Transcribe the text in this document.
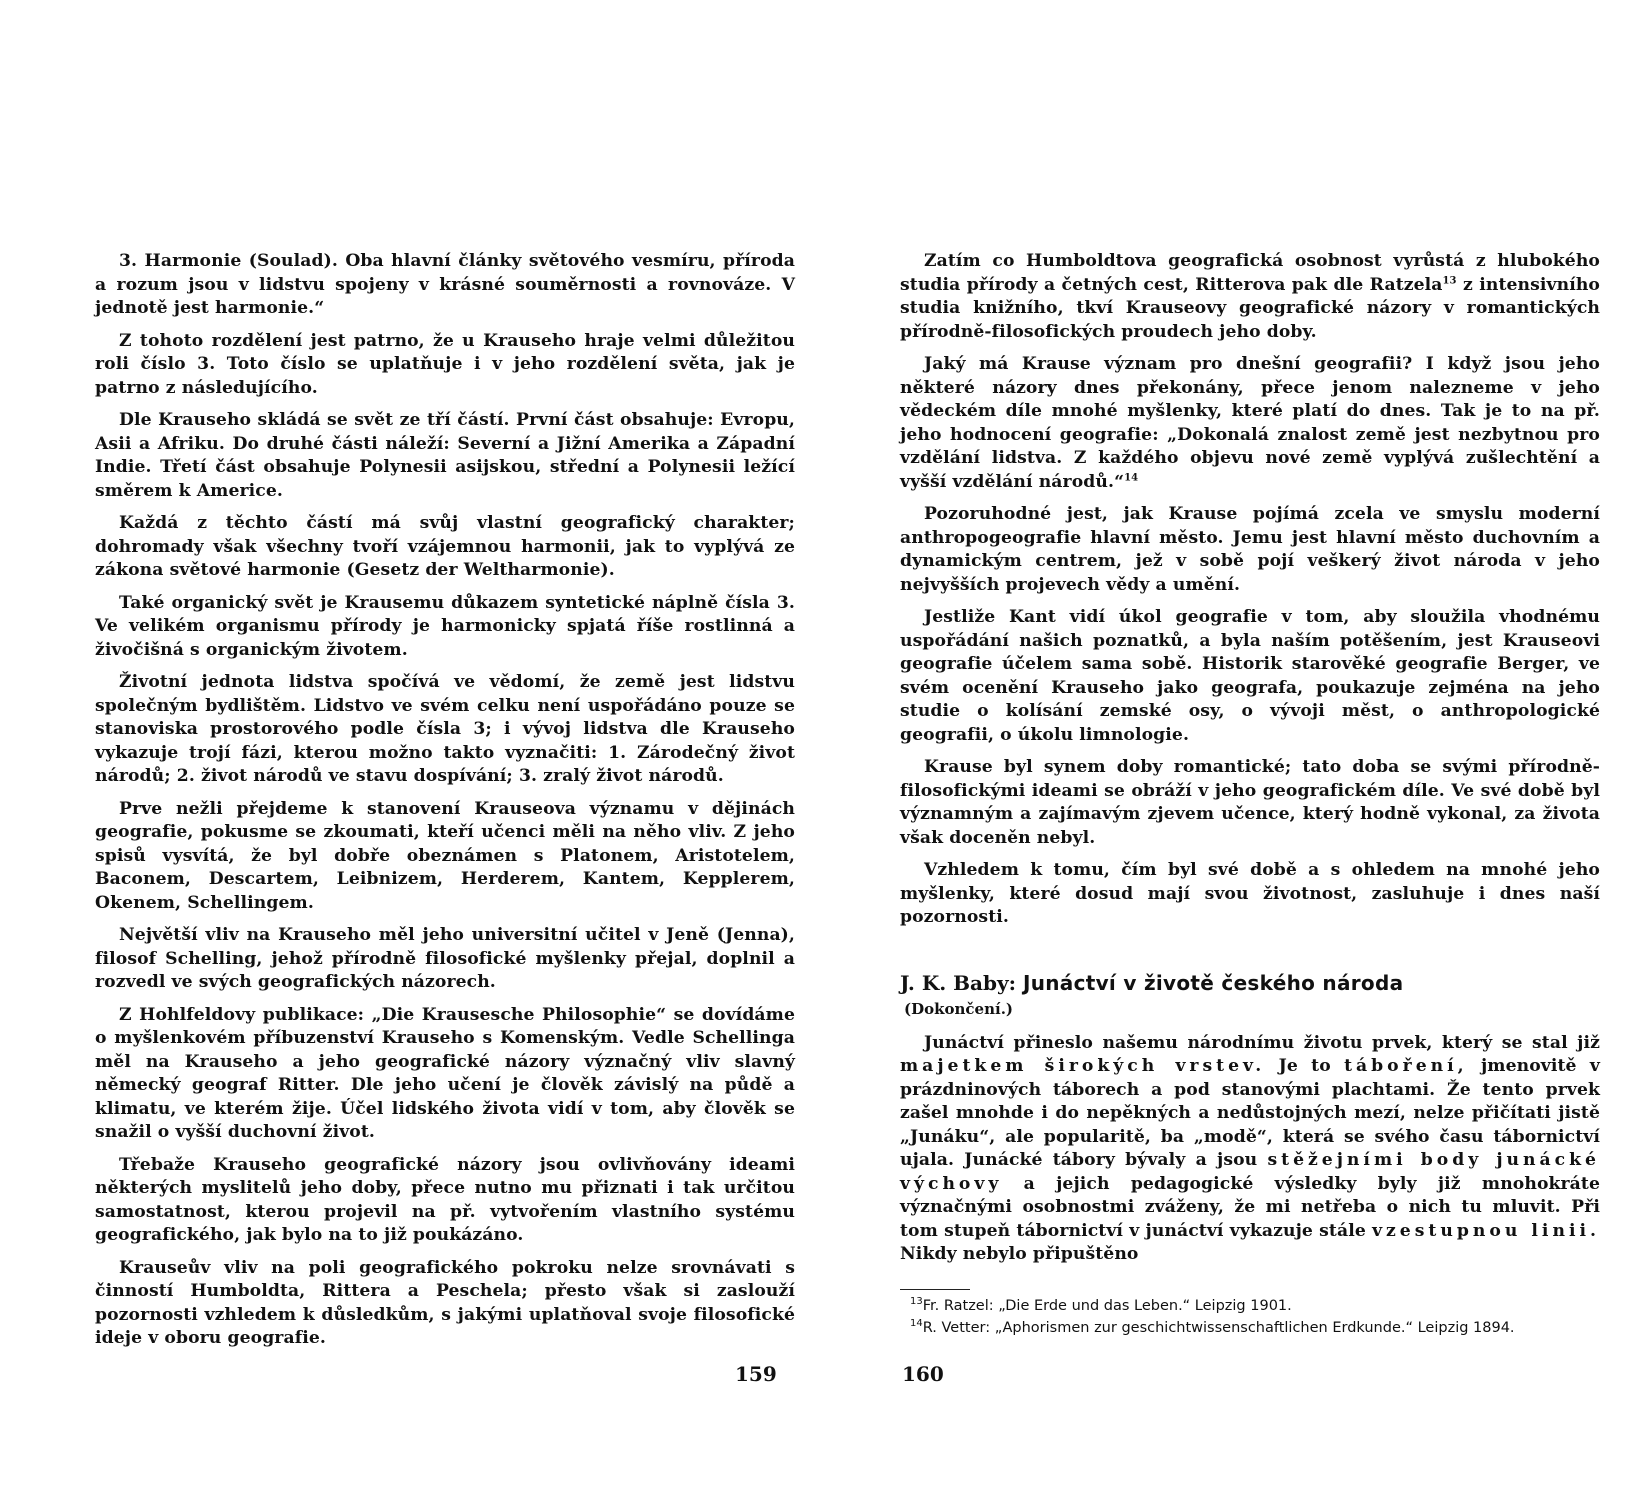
3. Harmonie (Soulad). Oba hlavní články světového vesmíru, příroda a rozum jsou v lidstvu spojeny v krásné souměrnosti a rovnováze. V jednotě jest harmonie.“

Z tohoto rozdělení jest patrno, že u Krauseho hraje velmi důležitou roli číslo 3. Toto číslo se uplatňuje i v jeho rozdělení světa, jak je patrno z následujícího.

Dle Krauseho skládá se svět ze tří částí. První část obsahuje: Evropu, Asii a Afriku. Do druhé části náleží: Severní a Jižní Amerika a Západní Indie. Třetí část obsahuje Polynesii asijskou, střední a Polynesii ležící směrem k Americe.

Každá z těchto částí má svůj vlastní geografický charakter; dohromady však všechny tvoří vzájemnou harmonii, jak to vyplývá ze zákona světové harmonie (Gesetz der Weltharmonie).

Také organický svět je Krausemu důkazem syntetické náplně čísla 3. Ve velikém organismu přírody je harmonicky spjatá říše rostlinná a živočišná s organickým životem.

Životní jednota lidstva spočívá ve vědomí, že země jest lidstvu společným bydlištěm. Lidstvo ve svém celku není uspořádáno pouze se stanoviska prostorového podle čísla 3; i vývoj lidstva dle Krauseho vykazuje trojí fázi, kterou možno takto vyznačiti: 1. Zárodečný život národů; 2. život národů ve stavu dospívání; 3. zralý život národů.

Prve nežli přejdeme k stanovení Krauseova významu v dějinách geografie, pokusme se zkoumati, kteří učenci měli na něho vliv. Z jeho spisů vysvítá, že byl dobře obeznámen s Platonem, Aristotelem, Baconem, Descartem, Leibnizem, Herderem, Kantem, Kepplerem, Okenem, Schellingem.

Největší vliv na Krauseho měl jeho universitní učitel v Jeně (Jenna), filosof Schelling, jehož přírodně filosofické myšlenky přejal, doplnil a rozvedl ve svých geografických názorech.

Z Hohlfeldovy publikace: „Die Krausesche Philosophie“ se dovídáme o myšlenkovém příbuzenství Krauseho s Komenským. Vedle Schellinga měl na Krauseho a jeho geografické názory význačný vliv slavný německý geograf Ritter. Dle jeho učení je člověk závislý na půdě a klimatu, ve kterém žije. Účel lidského života vidí v tom, aby člověk se snažil o vyšší duchovní život.

Třebaže Krauseho geografické názory jsou ovlivňovány ideami některých myslitelů jeho doby, přece nutno mu přiznati i tak určitou samostatnost, kterou projevil na př. vytvořením vlastního systému geografického, jak bylo na to již poukázáno.

Krauseův vliv na poli geografického pokroku nelze srovnávati s činností Humboldta, Rittera a Peschela; přesto však si zaslouží pozornosti vzhledem k důsledkům, s jakými uplatňoval svoje filosofické ideje v oboru geografie.

159

Zatím co Humboldtova geografická osobnost vyrůstá z hlubokého studia přírody a četných cest, Ritterova pak dle Ratzela$^{13}$ z intensivního studia knižního, tkví Krauseovy geografické názory v romantických přírodně-filosofických proudech jeho doby.

Jaký má Krause význam pro dnešní geografii? I když jsou jeho některé názory dnes překonány, přece jenom nalezneme v jeho vědeckém díle mnohé myšlenky, které platí do dnes. Tak je to na př. jeho hodnocení geografie: „Dokonalá znalost země jest nezbytnou pro vzdělání lidstva. Z každého objevu nové země vyplývá zušlechtění a vyšší vzdělání národů.“$^{14}$

Pozoruhodné jest, jak Krause pojímá zcela ve smyslu moderní anthropogeografie hlavní město. Jemu jest hlavní město duchovním a dynamickým centrem, jež v sobě pojí veškerý život národa v jeho nejvyšších projevech vědy a umění.

Jestliže Kant vidí úkol geografie v tom, aby sloužila vhodnému uspořádání našich poznatků, a byla naším potěšením, jest Krauseovi geografie účelem sama sobě. Historik starověké geografie Berger, ve svém ocenění Krauseho jako geografa, poukazuje zejména na jeho studie o kolísání zemské osy, o vývoji měst, o anthropologické geografii, o úkolu limnologie.

Krause byl synem doby romantické; tato doba se svými přírodně-filosofickými ideami se obráží v jeho geografickém díle. Ve své době byl významným a zajímavým zjevem učence, který hodně vykonal, za života však doceněn nebyl.

Vzhledem k tomu, čím byl své době a s ohledem na mnohé jeho myšlenky, které dosud mají svou životnost, zasluhuje i dnes naší pozornosti.

J. K. Baby: Junáctví v životě českého národa
(Dokončení.)

Junáctví přineslo našemu národnímu životu prvek, který se stal již majetkem širokých vrstev. Je to táboření, jmenovitě v prázdninových táborech a pod stanovými plachtami. Že tento prvek zašel mnohde i do nepěkných a nedůstojných mezí, nelze přičítati jistě „Junáku“, ale popularitě, ba „modě“, která se svého času tábornictví ujala. Junácké tábory bývaly a jsou stěžejními body junácké výchovy a jejich pedagogické výsledky byly již mnohokráte význačnými osobnostmi zváženy, že mi netřeba o nich tu mluvit. Při tom stupeň tábornictví v junáctví vykazuje stále vzestupnou linii. Nikdy nebylo připuštěno

$^{13}$Fr. Ratzel: „Die Erde und das Leben.“ Leipzig 1901.

$^{14}$R. Vetter: „Aphorismen zur geschichtwissenschaftlichen Erdkunde.“ Leipzig 1894.

160
